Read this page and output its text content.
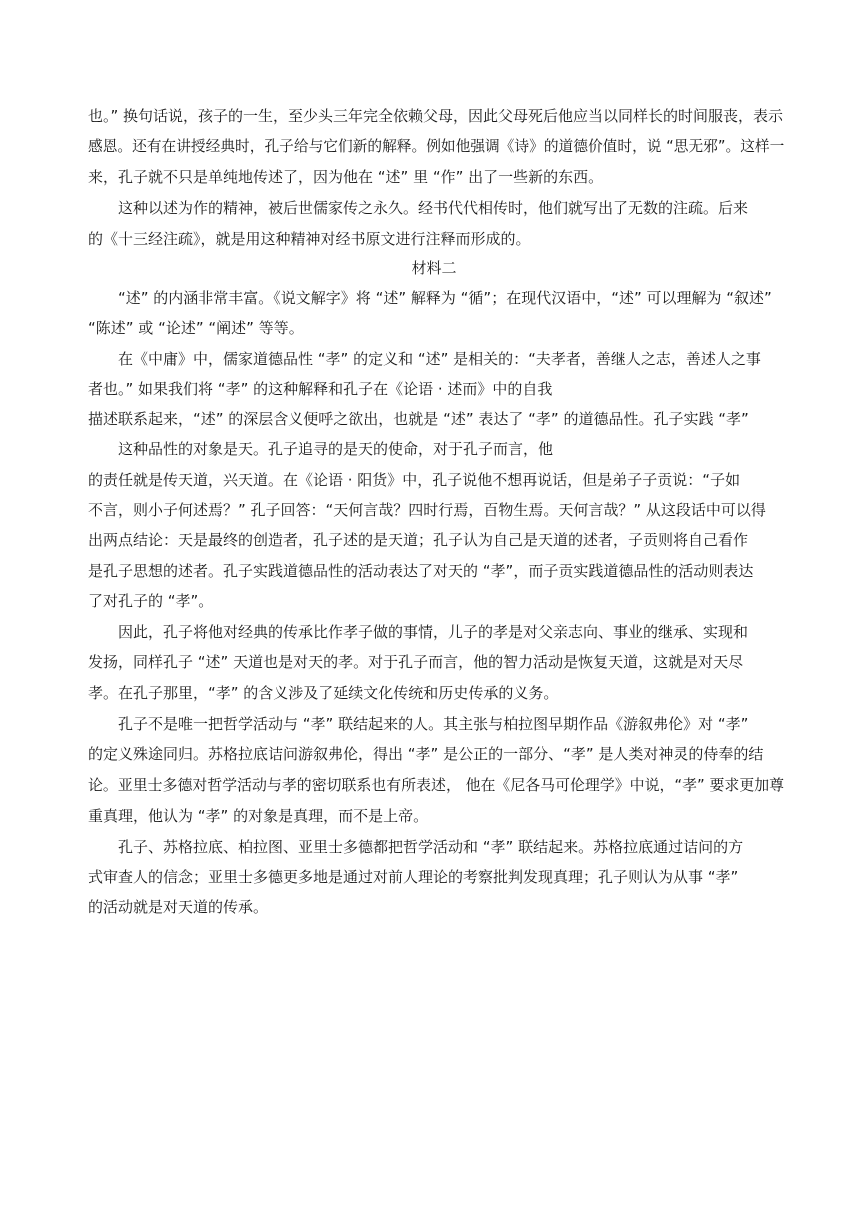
也。” 换句话说，孩子的一生，至少头三年完全依赖父母，因此父母死后他应当以同样长的时间服丧，表示
感恩。还有在讲授经典时，孔子给与它们新的解释。例如他强调《诗》的道德价值时，说 “思无邪”。这样一
来，孔子就不只是单纯地传述了，因为他在 “述” 里 “作” 出了一些新的东西。
这种以述为作的精神，被后世儒家传之永久。经书代代相传时，他们就写出了无数的注疏。后来
的《十三经注疏》，就是用这种精神对经书原文进行注释而形成的。
材料二
“述” 的内涵非常丰富。《说文解字》将 “述” 解释为 “循”；在现代汉语中，“述” 可以理解为 “叙述”
“陈述” 或 “论述” “阐述” 等等。
在《中庸》中，儒家道德品性 “孝” 的定义和 “述” 是相关的：“夫孝者，善继人之志，善述人之事
者也。” 如果我们将 “孝” 的这种解释和孔子在《论语 · 述而》中的自我
描述联系起来，“述” 的深层含义便呼之欲出，也就是 “述” 表达了 “孝” 的道德品性。孔子实践 “孝”
这种品性的对象是天。孔子追寻的是天的使命，对于孔子而言，他
的责任就是传天道，兴天道。在《论语 · 阳货》中，孔子说他不想再说话，但是弟子子贡说：“子如
不言，则小子何述焉？” 孔子回答：“天何言哉？四时行焉，百物生焉。天何言哉？” 从这段话中可以得
出两点结论：天是最终的创造者，孔子述的是天道；孔子认为自己是天道的述者，子贡则将自己看作
是孔子思想的述者。孔子实践道德品性的活动表达了对天的 “孝”，而子贡实践道德品性的活动则表达
了对孔子的 “孝”。
因此，孔子将他对经典的传承比作孝子做的事情，儿子的孝是对父亲志向、事业的继承、实现和
发扬，同样孔子 “述” 天道也是对天的孝。对于孔子而言，他的智力活动是恢复天道，这就是对天尽
孝。在孔子那里，“孝” 的含义涉及了延续文化传统和历史传承的义务。
孔子不是唯一把哲学活动与 “孝” 联结起来的人。其主张与柏拉图早期作品《游叙弗伦》对 “孝”
的定义殊途同归。苏格拉底诘问游叙弗伦，得出 “孝” 是公正的一部分、“孝” 是人类对神灵的侍奉的结
论。亚里士多德对哲学活动与孝的密切联系也有所表述， 他在《尼各马可伦理学》中说，“孝” 要求更加尊
重真理，他认为 “孝” 的对象是真理，而不是上帝。
孔子、苏格拉底、柏拉图、亚里士多德都把哲学活动和 “孝” 联结起来。苏格拉底通过诘问的方
式审查人的信念；亚里士多德更多地是通过对前人理论的考察批判发现真理；孔子则认为从事 “孝”
的活动就是对天道的传承。
